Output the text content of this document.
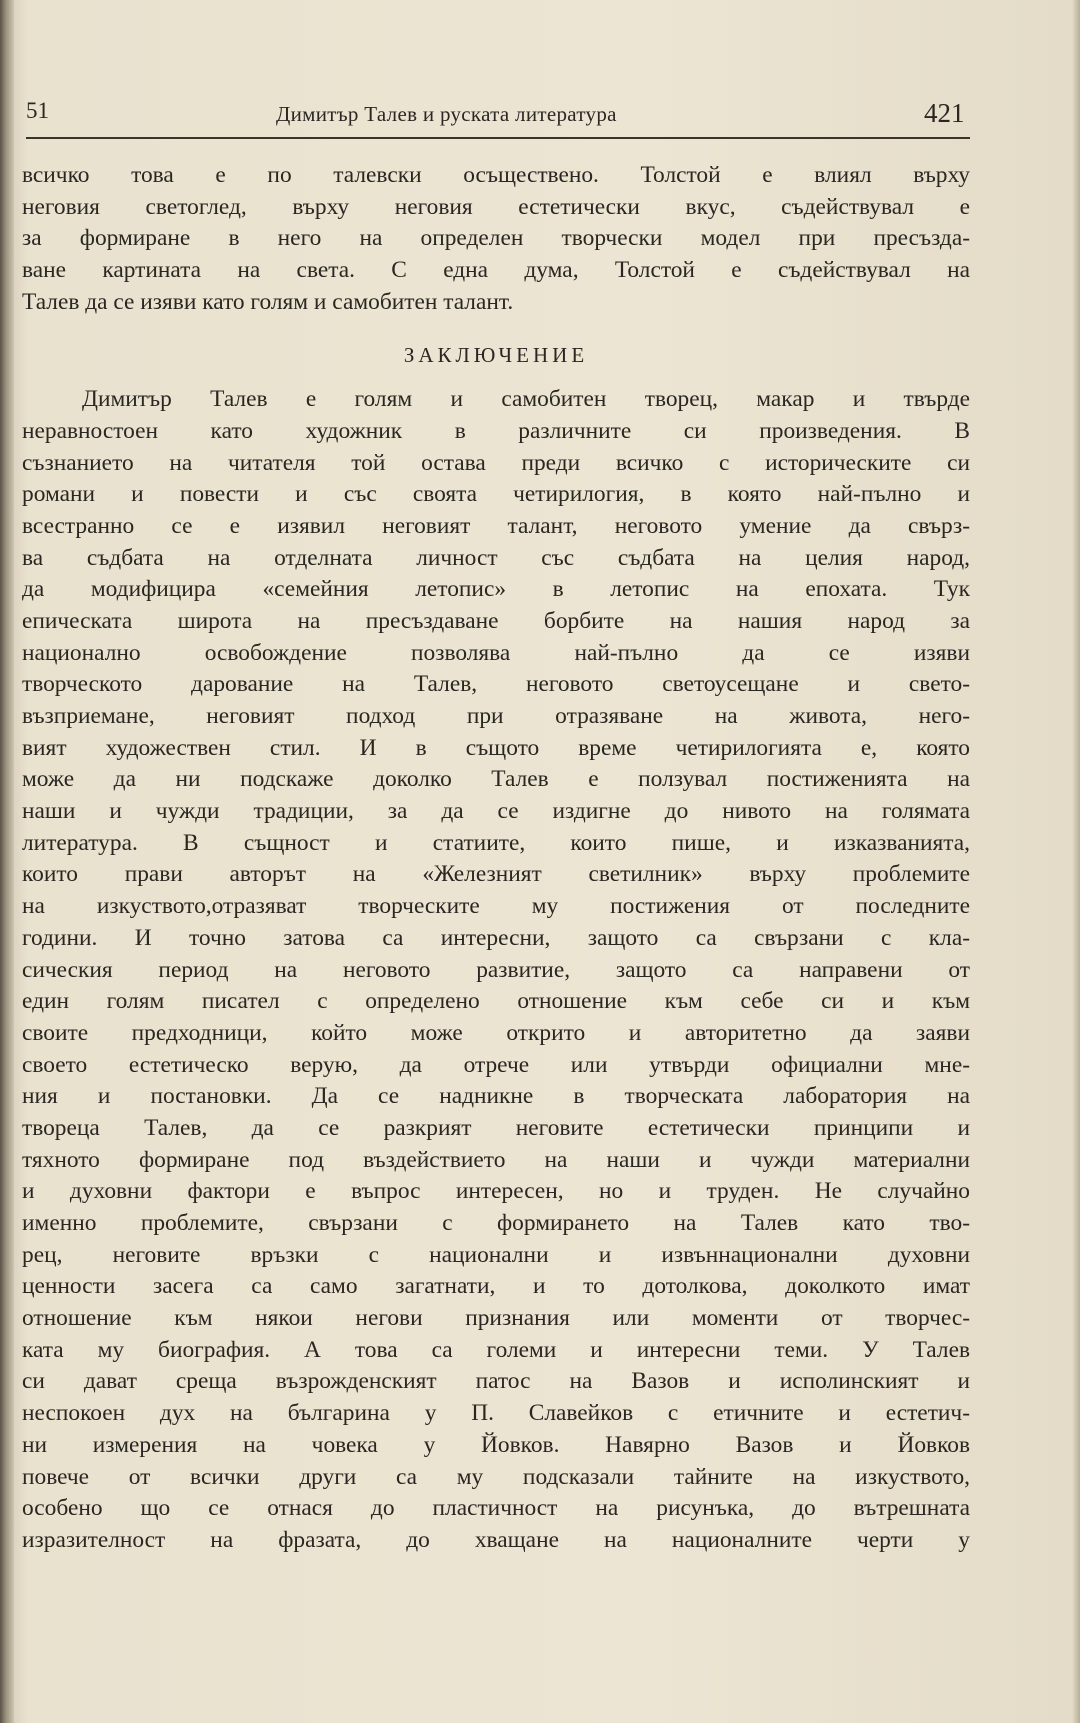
51	Димитър Талев и руската литература	421
всичко това е по талевски осъществено. Толстой е влиял върху
неговия светоглед, върху неговия естетически вкус, съдействувал е
за формиране в него на определен творчески модел при пресъзда-
ване картината на света. С една дума, Толстой е съдействувал на
Талев да се изяви като голям и самобитен талант.
ЗАКЛЮЧЕНИЕ
Димитър Талев е голям и самобитен творец, макар и твърде
неравностоен като художник в различните си произведения. В
съзнанието на читателя той остава преди всичко с историческите си
романи и повести и със своята четирилогия, в която най-пълно и
всестранно се е изявил неговият талант, неговото умение да свърз-
ва съдбата на отделната личност със съдбата на целия народ,
да модифицира «семейния летопис» в летопис на епохата. Тук
епическата широта на пресъздаване борбите на нашия народ за
национално освобождение позволява най-пълно да се изяви
творческото дарование на Талев, неговото светоусещане и свето-
възприемане, неговият подход при отразяване на живота, него-
вият художествен стил. И в същото време четирилогията е, която
може да ни подскаже доколко Талев е ползувал постиженията на
наши и чужди традиции, за да се издигне до нивото на голямата
литература. В същност и статиите, които пише, и изказванията,
които прави авторът на «Железният светилник» върху проблемите
на изкуството,отразяват творческите му постижения от последните
години. И точно затова са интересни, защото са свързани с кла-
сическия период на неговото развитие, защото са направени от
един голям писател с определено отношение към себе си и към
своите предходници, който може открито и авторитетно да заяви
своето естетическо верую, да отрече или утвърди официални мне-
ния и постановки. Да се надникне в творческата лаборатория на
твореца Талев, да се разкрият неговите естетически принципи и
тяхното формиране под въздействието на наши и чужди материални
и духовни фактори е въпрос интересен, но и труден. Не случайно
именно проблемите, свързани с формирането на Талев като тво-
рец, неговите връзки с национални и извъннационални духовни
ценности засега са само загатнати, и то дотолкова, доколкото имат
отношение към някои негови признания или моменти от творчес-
ката му биография. А това са големи и интересни теми. У Талев
си дават среща възрожденският патос на Вазов и исполинският и
неспокоен дух на българина у П. Славейков с етичните и естетич-
ни измерения на човека у Йовков. Навярно Вазов и Йовков
повече от всички други са му подсказали тайните на изкуството,
особено що се отнася до пластичност на рисунъка, до вътрешната
изразителност на фразата, до хващане на националните черти у
